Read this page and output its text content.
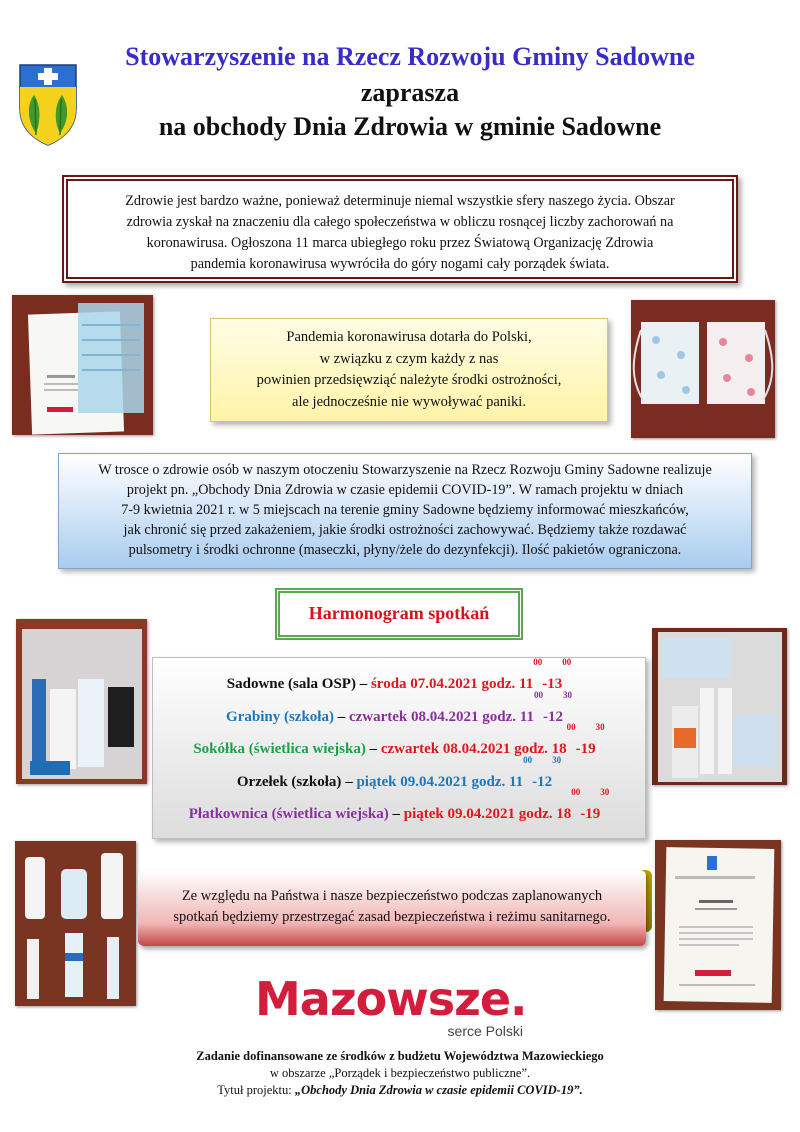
Stowarzyszenie na Rzecz Rozwoju Gminy Sadowne
zaprasza
na obchody Dnia Zdrowia w gminie Sadowne
Zdrowie jest bardzo ważne, ponieważ determinuje niemal wszystkie sfery naszego życia. Obszar
zdrowia zyskał na znaczeniu dla całego społeczeństwa w obliczu rosnącej liczby zachorowań na
koronawirusa. Ogłoszona 11 marca ubiegłego roku przez Światową Organizację Zdrowia
pandemia koronawirusa wywróciła do góry nogami cały porządek świata.
Pandemia koronawirusa dotarła do Polski,
w związku z czym każdy z nas
powinien przedsięwziąć należyte środki ostrożności,
ale jednocześnie nie wywoływać paniki.
W trosce o zdrowie osób w naszym otoczeniu Stowarzyszenie na Rzecz Rozwoju Gminy Sadowne realizuje
projekt pn. „Obchody Dnia Zdrowia w czasie epidemii COVID-19”. W ramach projektu w dniach
7-9 kwietnia 2021 r. w 5 miejscach na terenie gminy Sadowne będziemy informować mieszkańców,
jak chronić się przed zakażeniem, jakie środki ostrożności zachowywać. Będziemy także rozdawać
pulsometry i środki ochronne (maseczki, płyny/żele do dezynfekcji). Ilość pakietów ograniczona.
Harmonogram spotkań
Sadowne (sala OSP) – środa 07.04.2021 godz. $11^{00}-13^{00}$
Grabiny (szkoła) – czwartek 08.04.2021 godz. $11^{00}-12^{30}$
Sokółka (świetlica wiejska) – czwartek 08.04.2021 godz. $18^{00}-19^{30}$
Orzełek (szkoła) – piątek 09.04.2021 godz. $11^{00}-12^{30}$
Płatkownica (świetlica wiejska) – piątek 09.04.2021 godz. $18^{00}-19^{30}$
Ze względu na Państwa i nasze bezpieczeństwo podczas zaplanowanych
spotkań będziemy przestrzegać zasad bezpieczeństwa i reżimu sanitarnego.
Mazowsze.
serce Polski
Zadanie dofinansowane ze środków z budżetu Województwa Mazowieckiego
w obszarze „Porządek i bezpieczeństwo publiczne”.
Tytuł projektu: „Obchody Dnia Zdrowia w czasie epidemii COVID-19”.
